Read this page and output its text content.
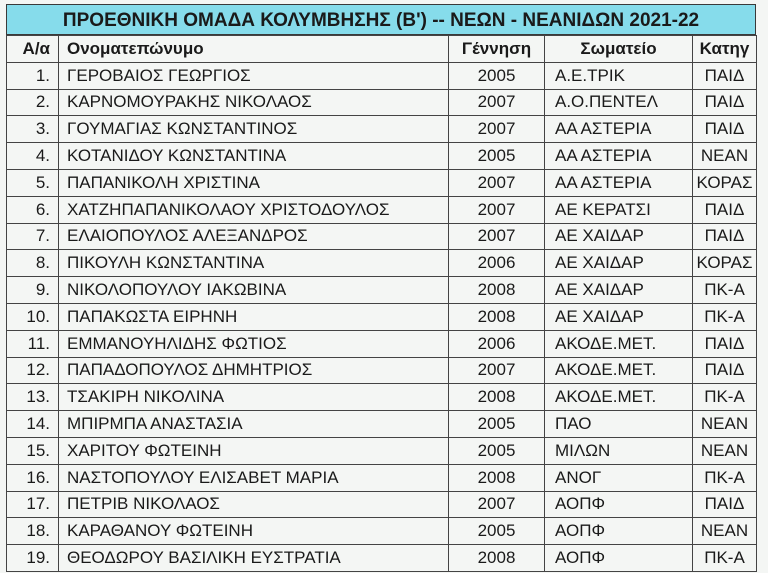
ΠΡΟΕΘΝΙΚΗ ΟΜΑΔΑ ΚΟΛΥΜΒΗΣΗΣ (Β') -- ΝΕΩΝ - ΝΕΑΝΙΔΩΝ 2021-22
Α/α	Ονοματεπώνυμο	Γέννηση	Σωματείο	Κατηγ
1.	ΓΕΡΟΒΑΙΟΣ ΓΕΩΡΓΙΟΣ	2005	Α.Ε.ΤΡΙΚ	ΠΑΙΔ
2.	ΚΑΡΝΟΜΟΥΡΑΚΗΣ ΝΙΚΟΛΑΟΣ	2007	Α.Ο.ΠΕΝΤΕΛ	ΠΑΙΔ
3.	ΓΟΥΜΑΓΙΑΣ ΚΩΝΣΤΑΝΤΙΝΟΣ	2007	ΑΑ ΑΣΤΕΡΙΑ	ΠΑΙΔ
4.	ΚΟΤΑΝΙΔΟΥ ΚΩΝΣΤΑΝΤΙΝΑ	2005	ΑΑ ΑΣΤΕΡΙΑ	ΝΕΑΝ
5.	ΠΑΠΑΝΙΚΟΛΗ ΧΡΙΣΤΙΝΑ	2007	ΑΑ ΑΣΤΕΡΙΑ	ΚΟΡΑΣ
6.	ΧΑΤΖΗΠΑΠΑΝΙΚΟΛΑΟΥ ΧΡΙΣΤΟΔΟΥΛΟΣ	2007	ΑΕ ΚΕΡΑΤΣΙ	ΠΑΙΔ
7.	ΕΛΑΙΟΠΟΥΛΟΣ ΑΛΕΞΑΝΔΡΟΣ	2007	ΑΕ ΧΑΙΔΑΡ	ΠΑΙΔ
8.	ΠΙΚΟΥΛΗ ΚΩΝΣΤΑΝΤΙΝΑ	2006	ΑΕ ΧΑΙΔΑΡ	ΚΟΡΑΣ
9.	ΝΙΚΟΛΟΠΟΥΛΟΥ ΙΑΚΩΒΙΝΑ	2008	ΑΕ ΧΑΙΔΑΡ	ΠΚ-Α
10.	ΠΑΠΑΚΩΣΤΑ ΕΙΡΗΝΗ	2008	ΑΕ ΧΑΙΔΑΡ	ΠΚ-Α
11.	ΕΜΜΑΝΟΥΗΛΙΔΗΣ ΦΩΤΙΟΣ	2006	ΑΚΟΔΕ.ΜΕΤ.	ΠΑΙΔ
12.	ΠΑΠΑΔΟΠΟΥΛΟΣ ΔΗΜΗΤΡΙΟΣ	2007	ΑΚΟΔΕ.ΜΕΤ.	ΠΑΙΔ
13.	ΤΣΑΚΙΡΗ ΝΙΚΟΛΙΝΑ	2008	ΑΚΟΔΕ.ΜΕΤ.	ΠΚ-Α
14.	ΜΠΙΡΜΠΑ ΑΝΑΣΤΑΣΙΑ	2005	ΠΑΟ	ΝΕΑΝ
15.	ΧΑΡΙΤΟΥ ΦΩΤΕΙΝΗ	2005	ΜΙΛΩΝ	ΝΕΑΝ
16.	ΝΑΣΤΟΠΟΥΛΟΥ ΕΛΙΣΑΒΕΤ ΜΑΡΙΑ	2008	ΑΝΟΓ	ΠΚ-Α
17.	ΠΕΤΡΙΒ ΝΙΚΟΛΑΟΣ	2007	ΑΟΠΦ	ΠΑΙΔ
18.	ΚΑΡΑΘΑΝΟΥ ΦΩΤΕΙΝΗ	2005	ΑΟΠΦ	ΝΕΑΝ
19.	ΘΕΟΔΩΡΟΥ ΒΑΣΙΛΙΚΗ ΕΥΣΤΡΑΤΙΑ	2008	ΑΟΠΦ	ΠΚ-Α
